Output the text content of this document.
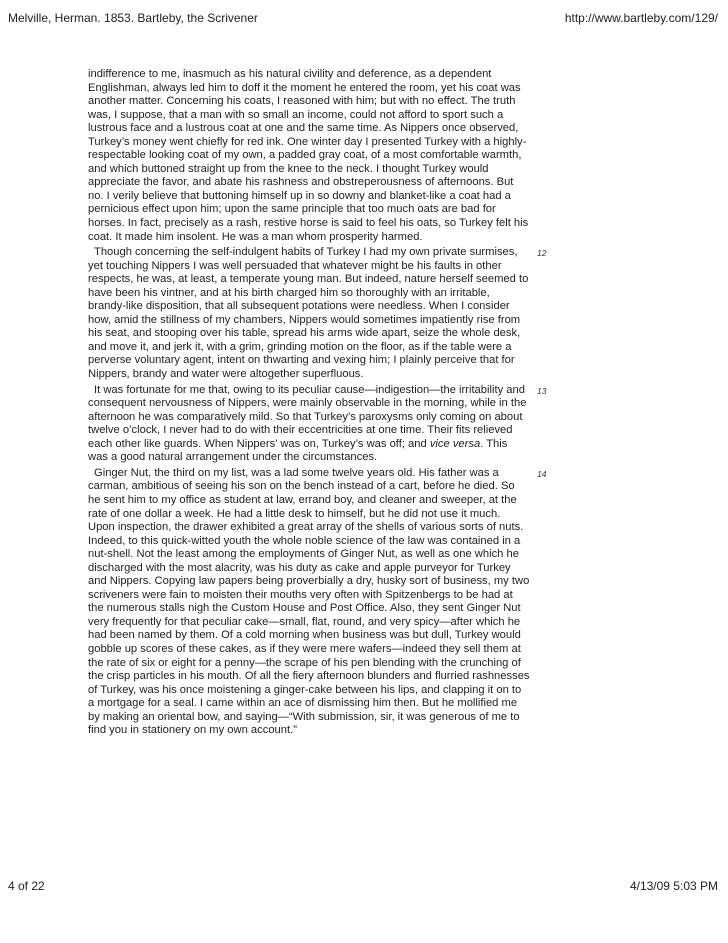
Melville, Herman. 1853. Bartleby, the Scrivener	http://www.bartleby.com/129/

indifference to me, inasmuch as his natural civility and deference, as a dependent Englishman, always led him to doff it the moment he entered the room, yet his coat was another matter. Concerning his coats, I reasoned with him; but with no effect. The truth was, I suppose, that a man with so small an income, could not afford to sport such a lustrous face and a lustrous coat at one and the same time. As Nippers once observed, Turkey’s money went chiefly for red ink. One winter day I presented Turkey with a highly-respectable looking coat of my own, a padded gray coat, of a most comfortable warmth, and which buttoned straight up from the knee to the neck. I thought Turkey would appreciate the favor, and abate his rashness and obstreperousness of afternoons. But no. I verily believe that buttoning himself up in so downy and blanket-like a coat had a pernicious effect upon him; upon the same principle that too much oats are bad for horses. In fact, precisely as a rash, restive horse is said to feel his oats, so Turkey felt his coat. It made him insolent. He was a man whom prosperity harmed.

Though concerning the self-indulgent habits of Turkey I had my own private surmises, yet touching Nippers I was well persuaded that whatever might be his faults in other respects, he was, at least, a temperate young man. But indeed, nature herself seemed to have been his vintner, and at his birth charged him so thoroughly with an irritable, brandy-like disposition, that all subsequent potations were needless. When I consider how, amid the stillness of my chambers, Nippers would sometimes impatiently rise from his seat, and stooping over his table, spread his arms wide apart, seize the whole desk, and move it, and jerk it, with a grim, grinding motion on the floor, as if the table were a perverse voluntary agent, intent on thwarting and vexing him; I plainly perceive that for Nippers, brandy and water were altogether superfluous.

12

It was fortunate for me that, owing to its peculiar cause—indigestion—the irritability and consequent nervousness of Nippers, were mainly observable in the morning, while in the afternoon he was comparatively mild. So that Turkey’s paroxysms only coming on about twelve o’clock, I never had to do with their eccentricities at one time. Their fits relieved each other like guards. When Nippers’ was on, Turkey’s was off; and vice versa. This was a good natural arrangement under the circumstances.

13

Ginger Nut, the third on my list, was a lad some twelve years old. His father was a carman, ambitious of seeing his son on the bench instead of a cart, before he died. So he sent him to my office as student at law, errand boy, and cleaner and sweeper, at the rate of one dollar a week. He had a little desk to himself, but he did not use it much. Upon inspection, the drawer exhibited a great array of the shells of various sorts of nuts. Indeed, to this quick-witted youth the whole noble science of the law was contained in a nut-shell. Not the least among the employments of Ginger Nut, as well as one which he discharged with the most alacrity, was his duty as cake and apple purveyor for Turkey and Nippers. Copying law papers being proverbially a dry, husky sort of business, my two scriveners were fain to moisten their mouths very often with Spitzenbergs to be had at the numerous stalls nigh the Custom House and Post Office. Also, they sent Ginger Nut very frequently for that peculiar cake—small, flat, round, and very spicy—after which he had been named by them. Of a cold morning when business was but dull, Turkey would gobble up scores of these cakes, as if they were mere wafers—indeed they sell them at the rate of six or eight for a penny—the scrape of his pen blending with the crunching of the crisp particles in his mouth. Of all the fiery afternoon blunders and flurried rashnesses of Turkey, was his once moistening a ginger-cake between his lips, and clapping it on to a mortgage for a seal. I came within an ace of dismissing him then. But he mollified me by making an oriental bow, and saying—“With submission, sir, it was generous of me to find you in stationery on my own account.”

14
4 of 22	4/13/09 5:03 PM
